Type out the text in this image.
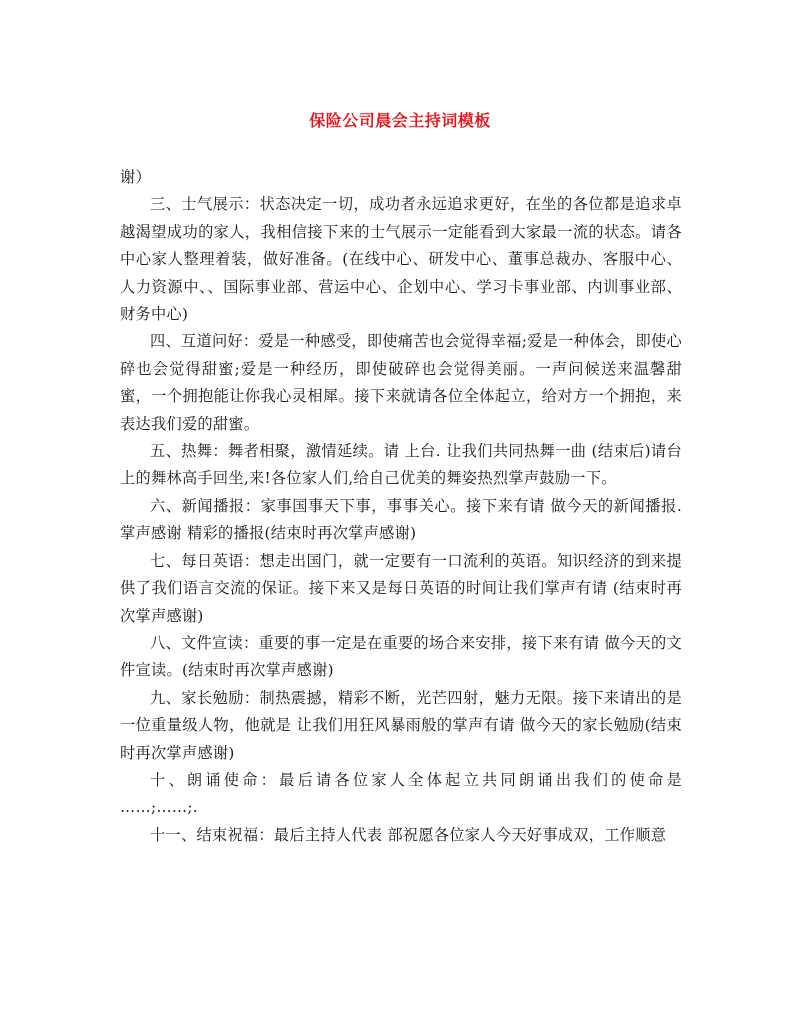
保险公司晨会主持词模板

谢）

三、士气展示：状态决定一切，成功者永远追求更好，在坐的各位都是追求卓越渴望成功的家人，我相信接下来的士气展示一定能看到大家最一流的状态。请各中心家人整理着装，做好准备。(在线中心、研发中心、董事总裁办、客服中心、人力资源中、、国际事业部、营运中心、企划中心、学习卡事业部、内训事业部、财务中心)

四、互道问好：爱是一种感受，即使痛苦也会觉得幸福;爱是一种体会，即使心碎也会觉得甜蜜;爱是一种经历，即使破碎也会觉得美丽。一声问候送来温馨甜蜜，一个拥抱能让你我心灵相犀。接下来就请各位全体起立，给对方一个拥抱，来表达我们爱的甜蜜。

五、热舞：舞者相聚，激情延续。请 上台. 让我们共同热舞一曲 (结束后)请台上的舞林高手回坐,来!各位家人们,给自己优美的舞姿热烈掌声鼓励一下。

六、新闻播报：家事国事天下事，事事关心。接下来有请 做今天的新闻播报. 掌声感谢 精彩的播报(结束时再次掌声感谢)

七、每日英语：想走出国门，就一定要有一口流利的英语。知识经济的到来提供了我们语言交流的保证。接下来又是每日英语的时间让我们掌声有请 (结束时再次掌声感谢)

八、文件宣读：重要的事一定是在重要的场合来安排，接下来有请 做今天的文件宣读。(结束时再次掌声感谢)

九、家长勉励：制热震撼，精彩不断，光芒四射，魅力无限。接下来请出的是一位重量级人物，他就是 让我们用狂风暴雨般的掌声有请 做今天的家长勉励(结束时再次掌声感谢)

十、朗诵使命：最后请各位家人全体起立共同朗诵出我们的使命是 ……;……;.

十一、结束祝福：最后主持人代表 部祝愿各位家人今天好事成双，工作顺意
